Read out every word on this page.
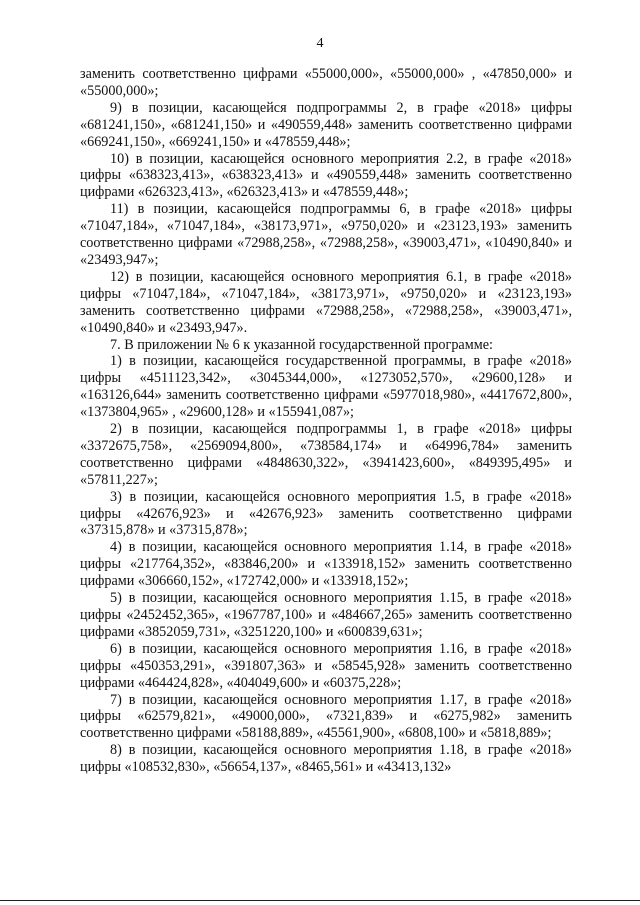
4

заменить соответственно цифрами «55000,000», «55000,000» , «47850,000» и «55000,000»;

9) в позиции, касающейся подпрограммы 2, в графе «2018» цифры «681241,150», «681241,150» и «490559,448» заменить соответственно цифрами «669241,150», «669241,150» и «478559,448»;

10) в позиции, касающейся основного мероприятия 2.2, в графе «2018» цифры «638323,413», «638323,413» и «490559,448» заменить соответственно цифрами «626323,413», «626323,413» и «478559,448»;

11) в позиции, касающейся подпрограммы 6, в графе «2018» цифры «71047,184», «71047,184», «38173,971», «9750,020» и «23123,193» заменить соответственно цифрами «72988,258», «72988,258», «39003,471», «10490,840» и «23493,947»;

12) в позиции, касающейся основного мероприятия 6.1, в графе «2018» цифры «71047,184», «71047,184», «38173,971», «9750,020» и «23123,193» заменить соответственно цифрами «72988,258», «72988,258», «39003,471», «10490,840» и «23493,947».

7. В приложении № 6 к указанной государственной программе:

1) в позиции, касающейся государственной программы, в графе «2018» цифры «4511123,342», «3045344,000», «1273052,570», «29600,128» и «163126,644» заменить соответственно цифрами «5977018,980», «4417672,800», «1373804,965» , «29600,128» и «155941,087»;

2) в позиции, касающейся подпрограммы 1, в графе «2018» цифры «3372675,758», «2569094,800», «738584,174» и «64996,784» заменить соответственно цифрами «4848630,322», «3941423,600», «849395,495» и «57811,227»;

3) в позиции, касающейся основного мероприятия 1.5, в графе «2018» цифры «42676,923» и «42676,923» заменить соответственно цифрами «37315,878» и «37315,878»;

4) в позиции, касающейся основного мероприятия 1.14, в графе «2018» цифры «217764,352», «83846,200» и «133918,152» заменить соответственно цифрами «306660,152», «172742,000» и «133918,152»;

5) в позиции, касающейся основного мероприятия 1.15, в графе «2018» цифры «2452452,365», «1967787,100» и «484667,265» заменить соответственно цифрами «3852059,731», «3251220,100» и «600839,631»;

6) в позиции, касающейся основного мероприятия 1.16, в графе «2018» цифры «450353,291», «391807,363» и «58545,928» заменить соответственно цифрами «464424,828», «404049,600» и «60375,228»;

7) в позиции, касающейся основного мероприятия 1.17, в графе «2018» цифры «62579,821», «49000,000», «7321,839» и «6275,982» заменить соответственно цифрами «58188,889», «45561,900», «6808,100» и «5818,889»;

8) в позиции, касающейся основного мероприятия 1.18, в графе «2018» цифры «108532,830», «56654,137», «8465,561» и «43413,132»
